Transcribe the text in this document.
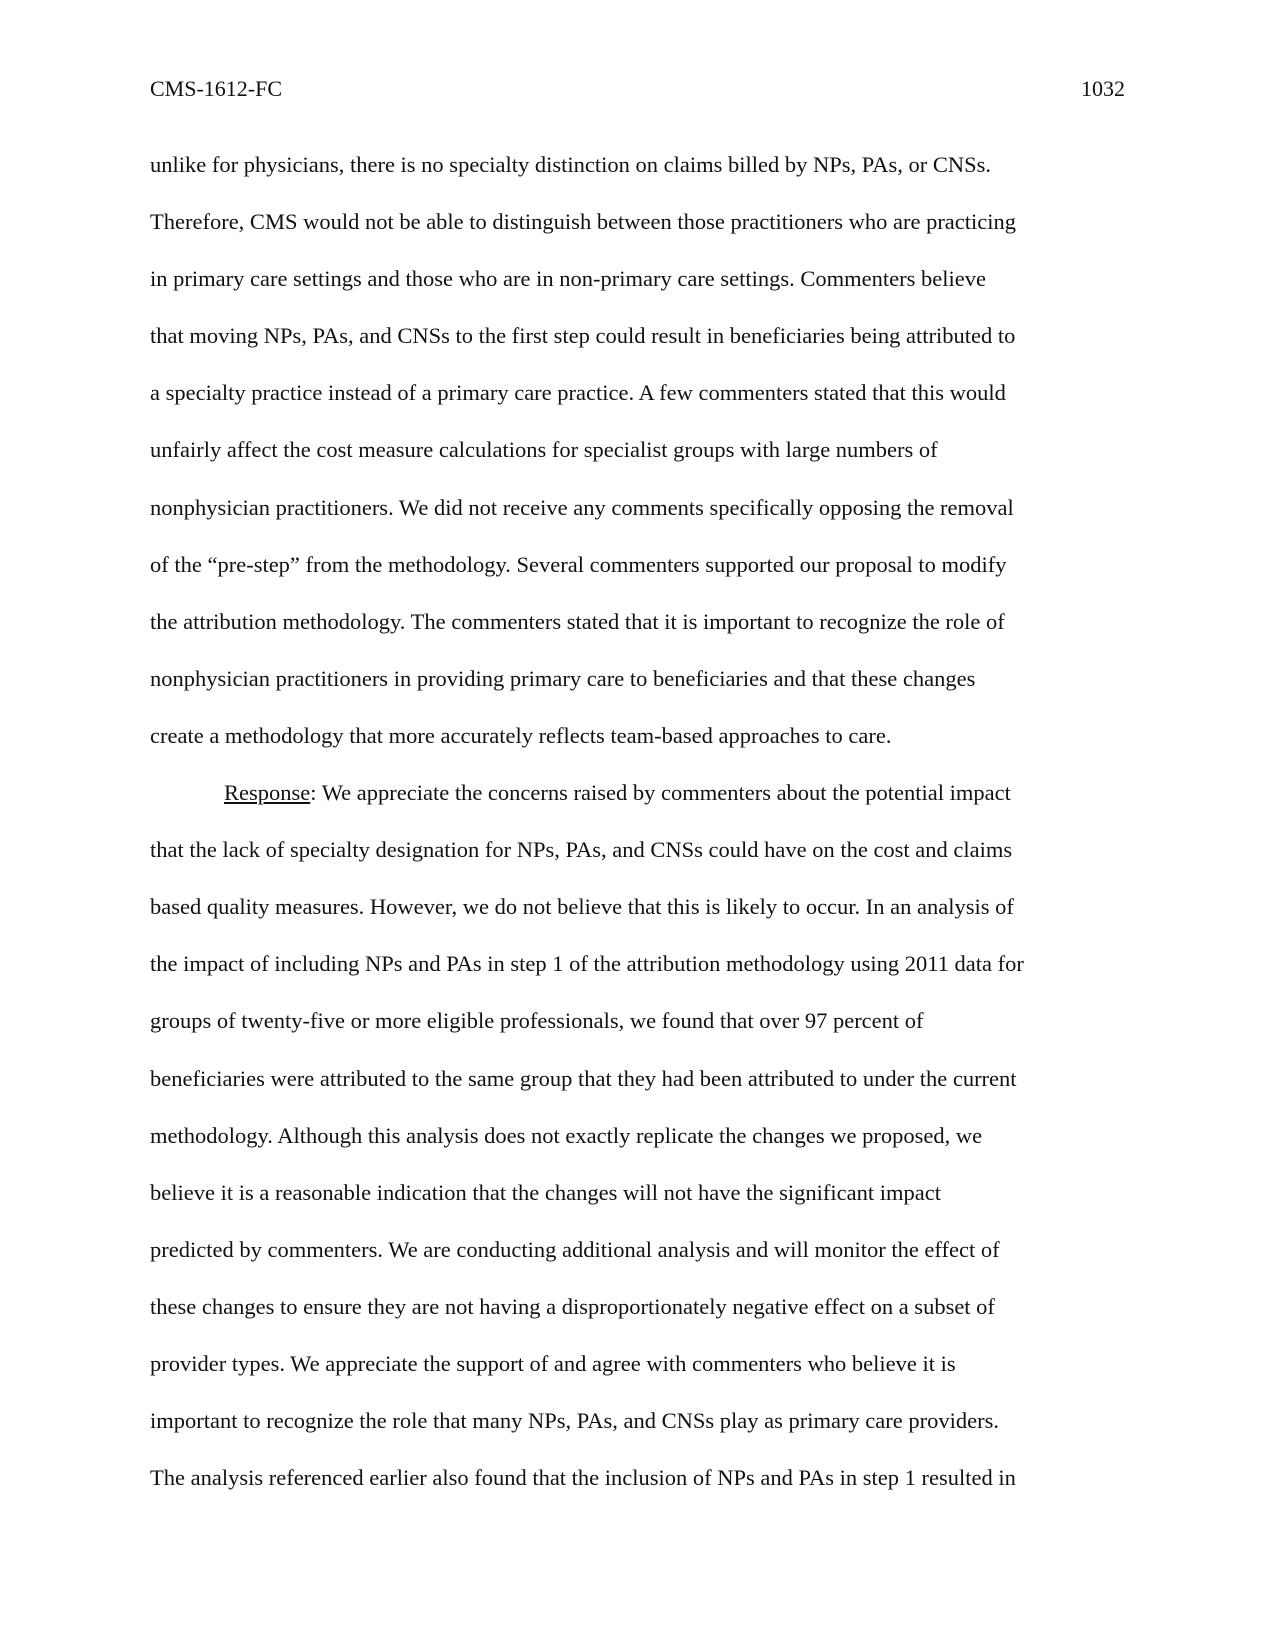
CMS-1612-FC	1032
unlike for physicians, there is no specialty distinction on claims billed by NPs, PAs, or CNSs.
Therefore, CMS would not be able to distinguish between those practitioners who are practicing
in primary care settings and those who are in non-primary care settings. Commenters believe
that moving NPs, PAs, and CNSs to the first step could result in beneficiaries being attributed to
a specialty practice instead of a primary care practice. A few commenters stated that this would
unfairly affect the cost measure calculations for specialist groups with large numbers of
nonphysician practitioners. We did not receive any comments specifically opposing the removal
of the “pre-step” from the methodology. Several commenters supported our proposal to modify
the attribution methodology. The commenters stated that it is important to recognize the role of
nonphysician practitioners in providing primary care to beneficiaries and that these changes
create a methodology that more accurately reflects team-based approaches to care.
Response: We appreciate the concerns raised by commenters about the potential impact
that the lack of specialty designation for NPs, PAs, and CNSs could have on the cost and claims
based quality measures. However, we do not believe that this is likely to occur. In an analysis of
the impact of including NPs and PAs in step 1 of the attribution methodology using 2011 data for
groups of twenty-five or more eligible professionals, we found that over 97 percent of
beneficiaries were attributed to the same group that they had been attributed to under the current
methodology. Although this analysis does not exactly replicate the changes we proposed, we
believe it is a reasonable indication that the changes will not have the significant impact
predicted by commenters. We are conducting additional analysis and will monitor the effect of
these changes to ensure they are not having a disproportionately negative effect on a subset of
provider types. We appreciate the support of and agree with commenters who believe it is
important to recognize the role that many NPs, PAs, and CNSs play as primary care providers.
The analysis referenced earlier also found that the inclusion of NPs and PAs in step 1 resulted in
